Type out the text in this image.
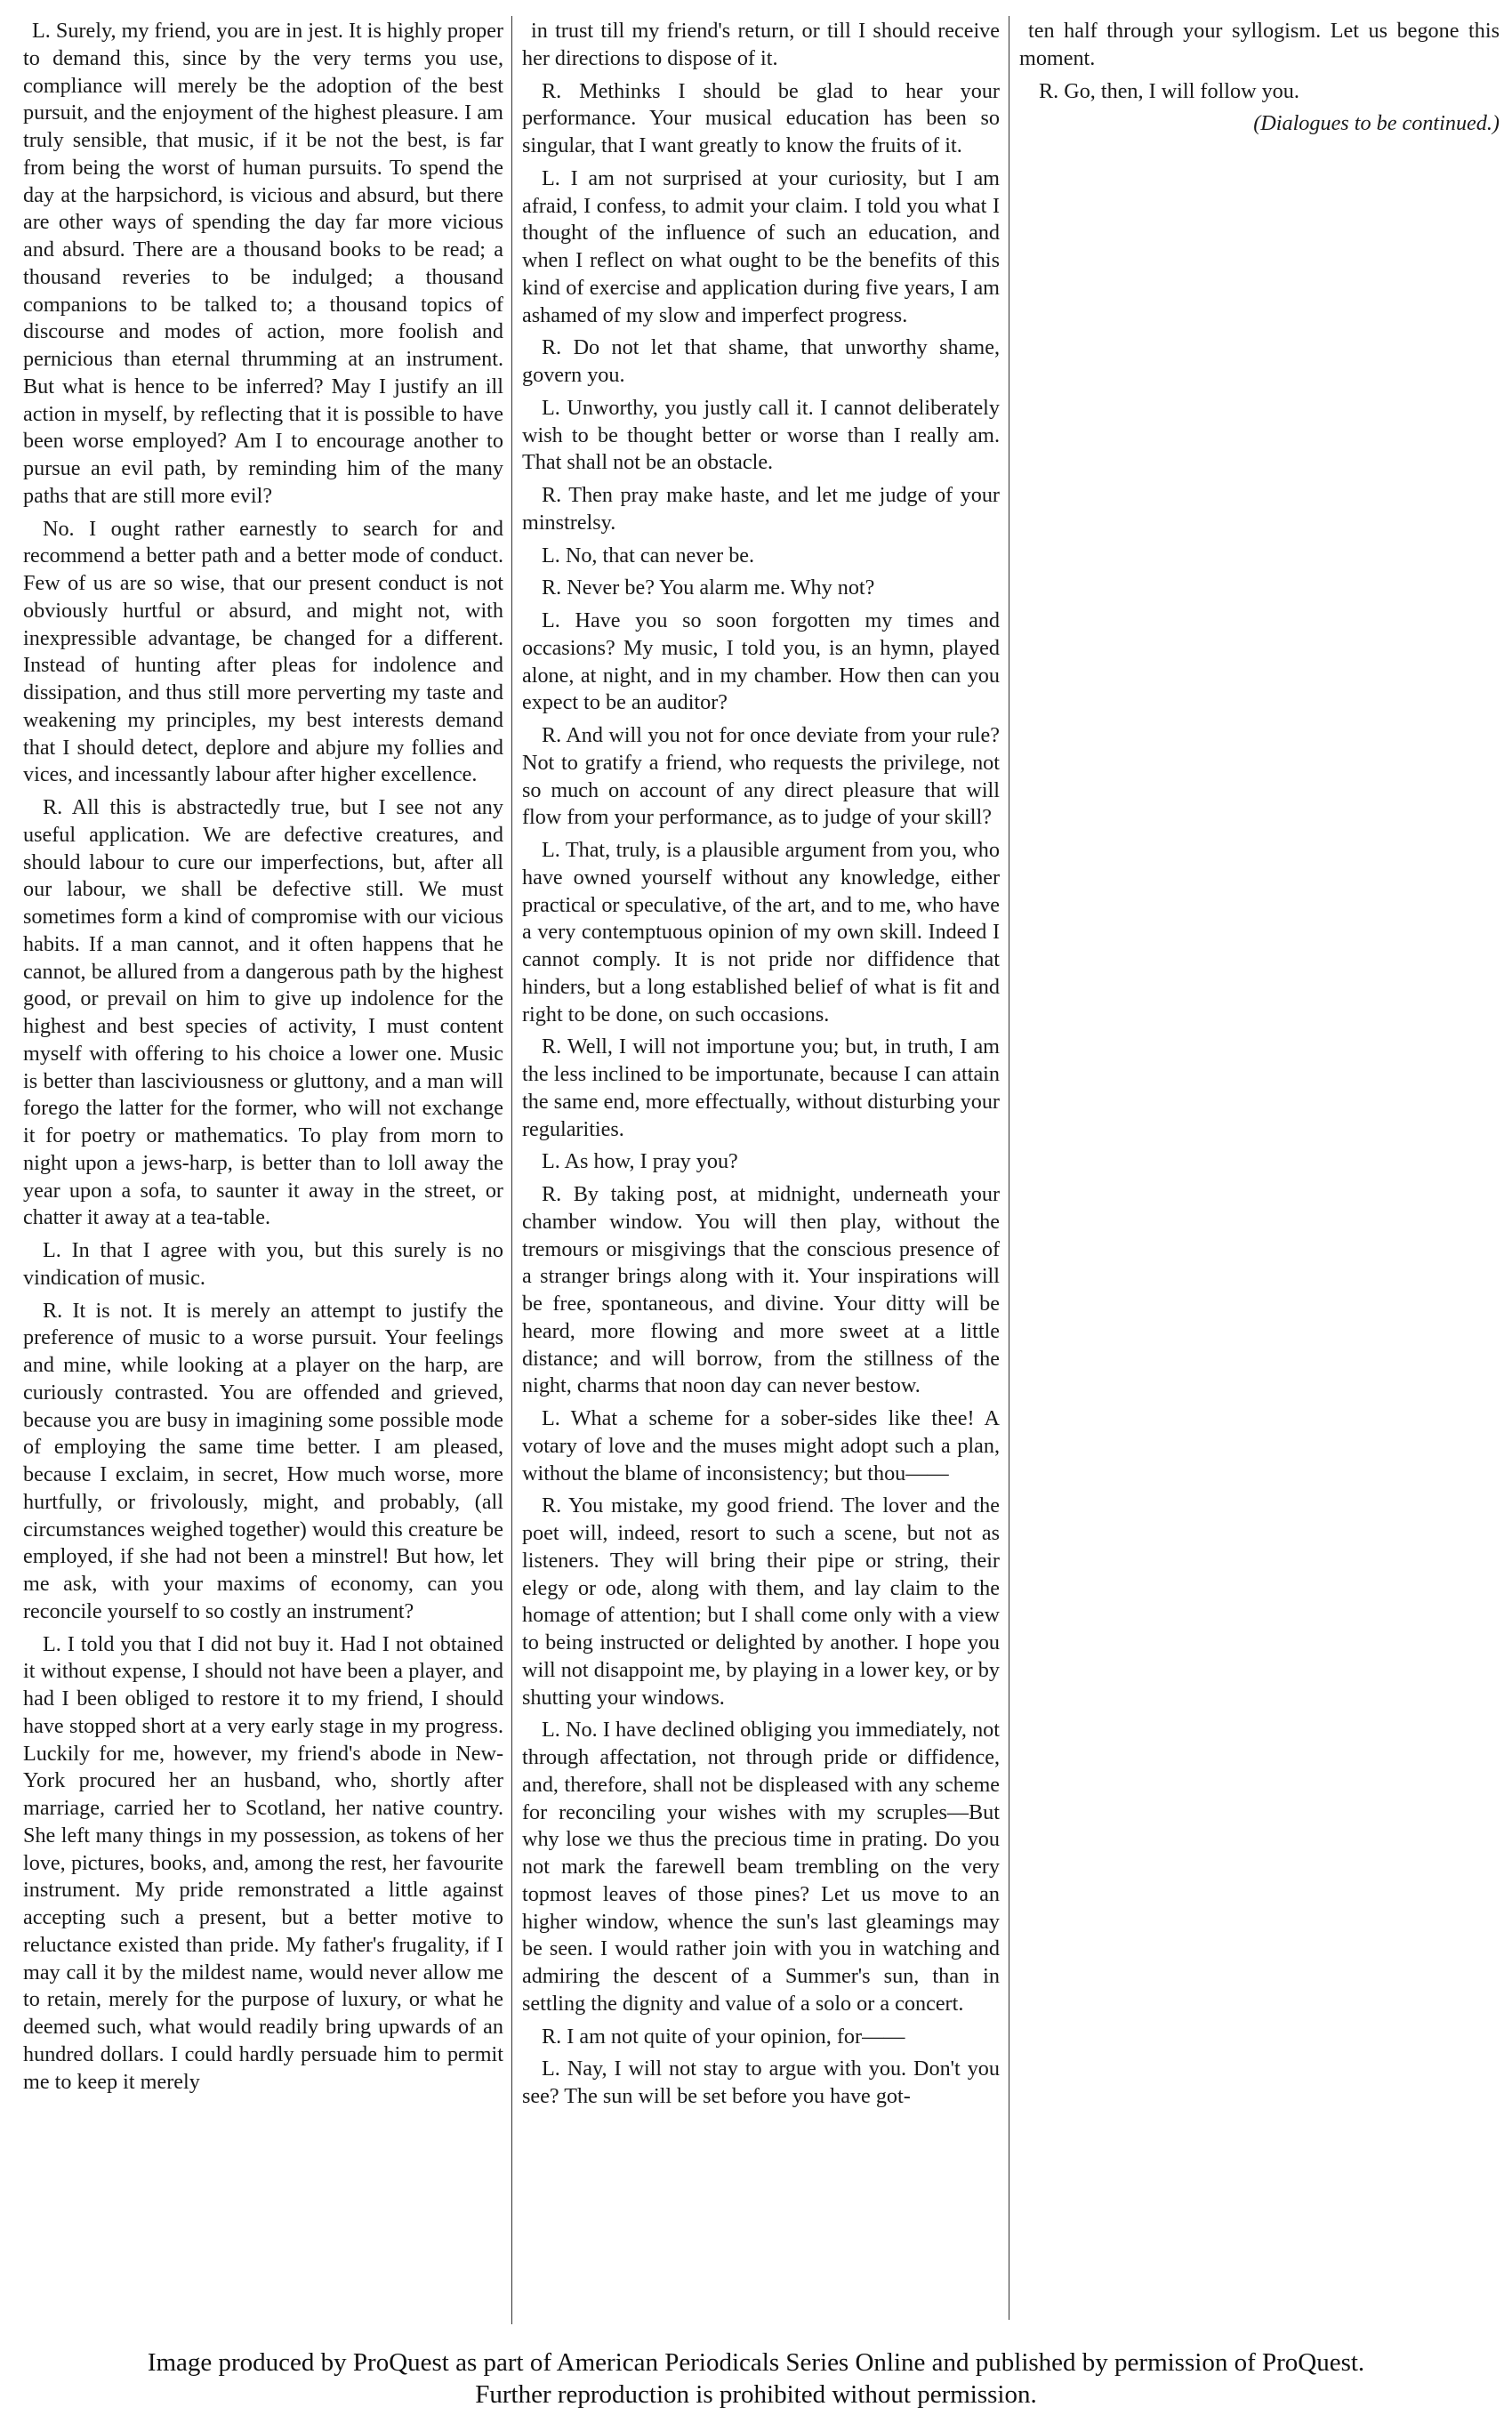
L. Surely, my friend, you are in jest. It is highly proper to demand this, since by the very terms you use, compliance will merely be the adoption of the best pursuit, and the enjoyment of the highest pleasure. I am truly sensible, that music, if it be not the best, is far from being the worst of human pursuits. To spend the day at the harpsichord, is vicious and absurd, but there are other ways of spending the day far more vicious and absurd. There are a thousand books to be read; a thousand reveries to be indulged; a thousand companions to be talked to; a thousand topics of discourse and modes of action, more foolish and pernicious than eternal thrumming at an instrument. But what is hence to be inferred? May I justify an ill action in myself, by reflecting that it is possible to have been worse employed? Am I to encourage another to pursue an evil path, by reminding him of the many paths that are still more evil?

No. I ought rather earnestly to search for and recommend a better path and a better mode of conduct. Few of us are so wise, that our present conduct is not obviously hurtful or absurd, and might not, with inexpressible advantage, be changed for a different. Instead of hunting after pleas for indolence and dissipation, and thus still more perverting my taste and weakening my principles, my best interests demand that I should detect, deplore and abjure my follies and vices, and incessantly labour after higher excellence.

R. All this is abstractedly true, but I see not any useful application. We are defective creatures, and should labour to cure our imperfections, but, after all our labour, we shall be defective still. We must sometimes form a kind of compromise with our vicious habits. If a man cannot, and it often happens that he cannot, be allured from a dangerous path by the highest good, or prevail on him to give up indolence for the highest and best species of activity, I must content myself with offering to his choice a lower one. Music is better than lasciviousness or gluttony, and a man will forego the latter for the former, who will not exchange it for poetry or mathematics. To play from morn to night upon a jews-harp, is better than to loll away the year upon a sofa, to saunter it away in the street, or chatter it away at a tea-table.

L. In that I agree with you, but this surely is no vindication of music.

R. It is not. It is merely an attempt to justify the preference of music to a worse pursuit. Your feelings and mine, while looking at a player on the harp, are curiously contrasted. You are offended and grieved, because you are busy in imagining some possible mode of employing the same time better. I am pleased, because I exclaim, in secret, How much worse, more hurtfully, or frivolously, might, and probably, (all circumstances weighed together) would this creature be employed, if she had not been a minstrel! But how, let me ask, with your maxims of economy, can you reconcile yourself to so costly an instrument?

L. I told you that I did not buy it. Had I not obtained it without expense, I should not have been a player, and had I been obliged to restore it to my friend, I should have stopped short at a very early stage in my progress. Luckily for me, however, my friend's abode in New-York procured her an husband, who, shortly after marriage, carried her to Scotland, her native country. She left many things in my possession, as tokens of her love, pictures, books, and, among the rest, her favourite instrument. My pride remonstrated a little against accepting such a present, but a better motive to reluctance existed than pride. My father's frugality, if I may call it by the mildest name, would never allow me to retain, merely for the purpose of luxury, or what he deemed such, what would readily bring upwards of an hundred dollars. I could hardly persuade him to permit me to keep it merely

in trust till my friend's return, or till I should receive her directions to dispose of it.

R. Methinks I should be glad to hear your performance. Your musical education has been so singular, that I want greatly to know the fruits of it.

L. I am not surprised at your curiosity, but I am afraid, I confess, to admit your claim. I told you what I thought of the influence of such an education, and when I reflect on what ought to be the benefits of this kind of exercise and application during five years, I am ashamed of my slow and imperfect progress.

R. Do not let that shame, that unworthy shame, govern you.

L. Unworthy, you justly call it. I cannot deliberately wish to be thought better or worse than I really am. That shall not be an obstacle.

R. Then pray make haste, and let me judge of your minstrelsy.

L. No, that can never be.

R. Never be? You alarm me. Why not?

L. Have you so soon forgotten my times and occasions? My music, I told you, is an hymn, played alone, at night, and in my chamber. How then can you expect to be an auditor?

R. And will you not for once deviate from your rule? Not to gratify a friend, who requests the privilege, not so much on account of any direct pleasure that will flow from your performance, as to judge of your skill?

L. That, truly, is a plausible argument from you, who have owned yourself without any knowledge, either practical or speculative, of the art, and to me, who have a very contemptuous opinion of my own skill. Indeed I cannot comply. It is not pride nor diffidence that hinders, but a long established belief of what is fit and right to be done, on such occasions.

R. Well, I will not importune you; but, in truth, I am the less inclined to be importunate, because I can attain the same end, more effectually, without disturbing your regularities.

L. As how, I pray you?

R. By taking post, at midnight, underneath your chamber window. You will then play, without the tremours or misgivings that the conscious presence of a stranger brings along with it. Your inspirations will be free, spontaneous, and divine. Your ditty will be heard, more flowing and more sweet at a little distance; and will borrow, from the stillness of the night, charms that noon day can never bestow.

L. What a scheme for a sober-sides like thee! A votary of love and the muses might adopt such a plan, without the blame of inconsistency; but thou——

R. You mistake, my good friend. The lover and the poet will, indeed, resort to such a scene, but not as listeners. They will bring their pipe or string, their elegy or ode, along with them, and lay claim to the homage of attention; but I shall come only with a view to being instructed or delighted by another. I hope you will not disappoint me, by playing in a lower key, or by shutting your windows.

L. No. I have declined obliging you immediately, not through affectation, not through pride or diffidence, and, therefore, shall not be displeased with any scheme for reconciling your wishes with my scruples—But why lose we thus the precious time in prating. Do you not mark the farewell beam trembling on the very topmost leaves of those pines? Let us move to an higher window, whence the sun's last gleamings may be seen. I would rather join with you in watching and admiring the descent of a Summer's sun, than in settling the dignity and value of a solo or a concert.

R. I am not quite of your opinion, for——

L. Nay, I will not stay to argue with you. Don't you see? The sun will be set before you have got-

ten half through your syllogism. Let us begone this moment.

R. Go, then, I will follow you.

(Dialogues to be continued.)

Image produced by ProQuest as part of American Periodicals Series Online and published by permission of ProQuest.
Further reproduction is prohibited without permission.
